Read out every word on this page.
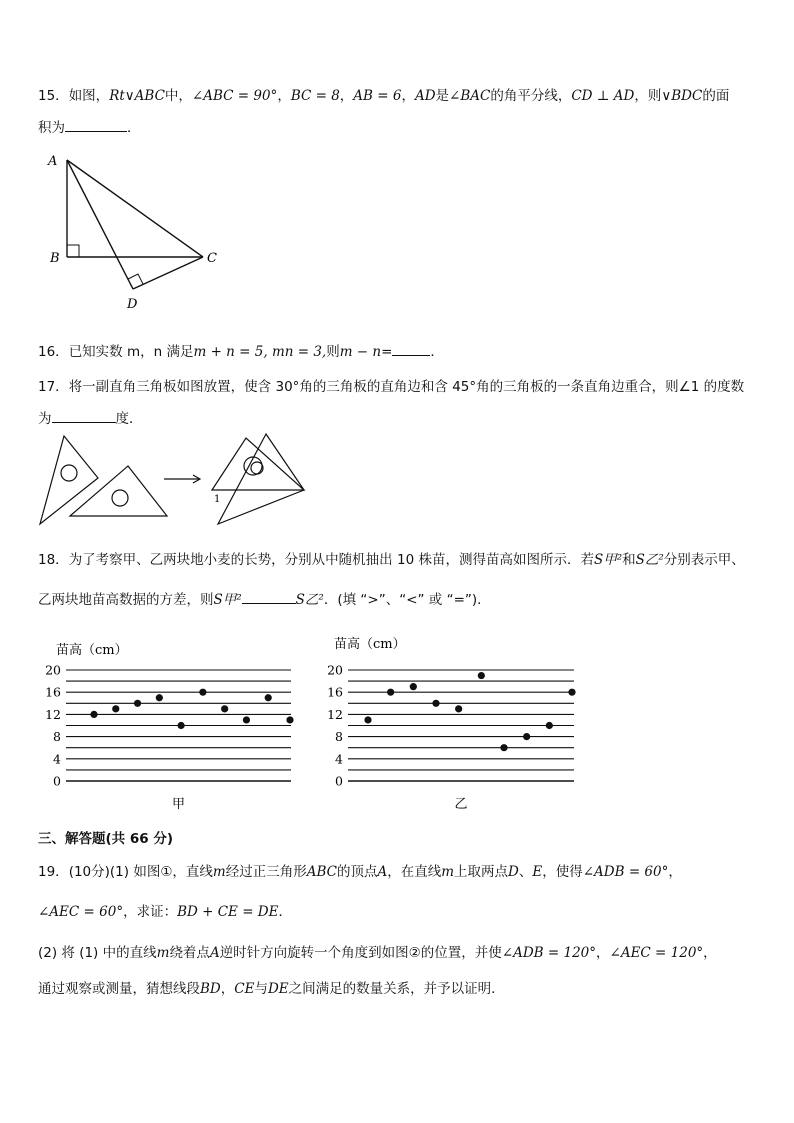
15．如图，Rt∨ABC中，∠ABC = 90°，BC = 8，AB = 6，AD是∠BAC的角平分线，CD ⊥ AD，则∨BDC的面
积为	．
A
B	C
D
16．已知实数 m，n 满足m + n = 5, mn = 3,则m − n=	．
17．将一副直角三角板如图放置，使含 30°角的三角板的直角边和含 45°角的三角板的一条直角边重合，则∠1 的度数
为	度．
1
18．为了考察甲、乙两块地小麦的长势，分别从中随机抽出 10 株苗，测得苗高如图所示．若S甲²和S乙²分别表示甲、
乙两块地苗高数据的方差，则S甲²	S乙²．(填 “>”、“<” 或 “=”)．
苗高（cm）
0
4
8
12
16
20
甲
苗高（cm）
0
4
8
12
16
20
乙
三、解答题(共 66 分)
19．(10分)(1) 如图①，直线m经过正三角形ABC的顶点A，在直线m上取两点D、E，使得∠ADB = 60°，
∠AEC = 60°，求证：BD + CE = DE．
(2) 将 (1) 中的直线m绕着点A逆时针方向旋转一个角度到如图②的位置，并使∠ADB = 120°，∠AEC = 120°，
通过观察或测量，猜想线段BD，CE与DE之间满足的数量关系，并予以证明．
